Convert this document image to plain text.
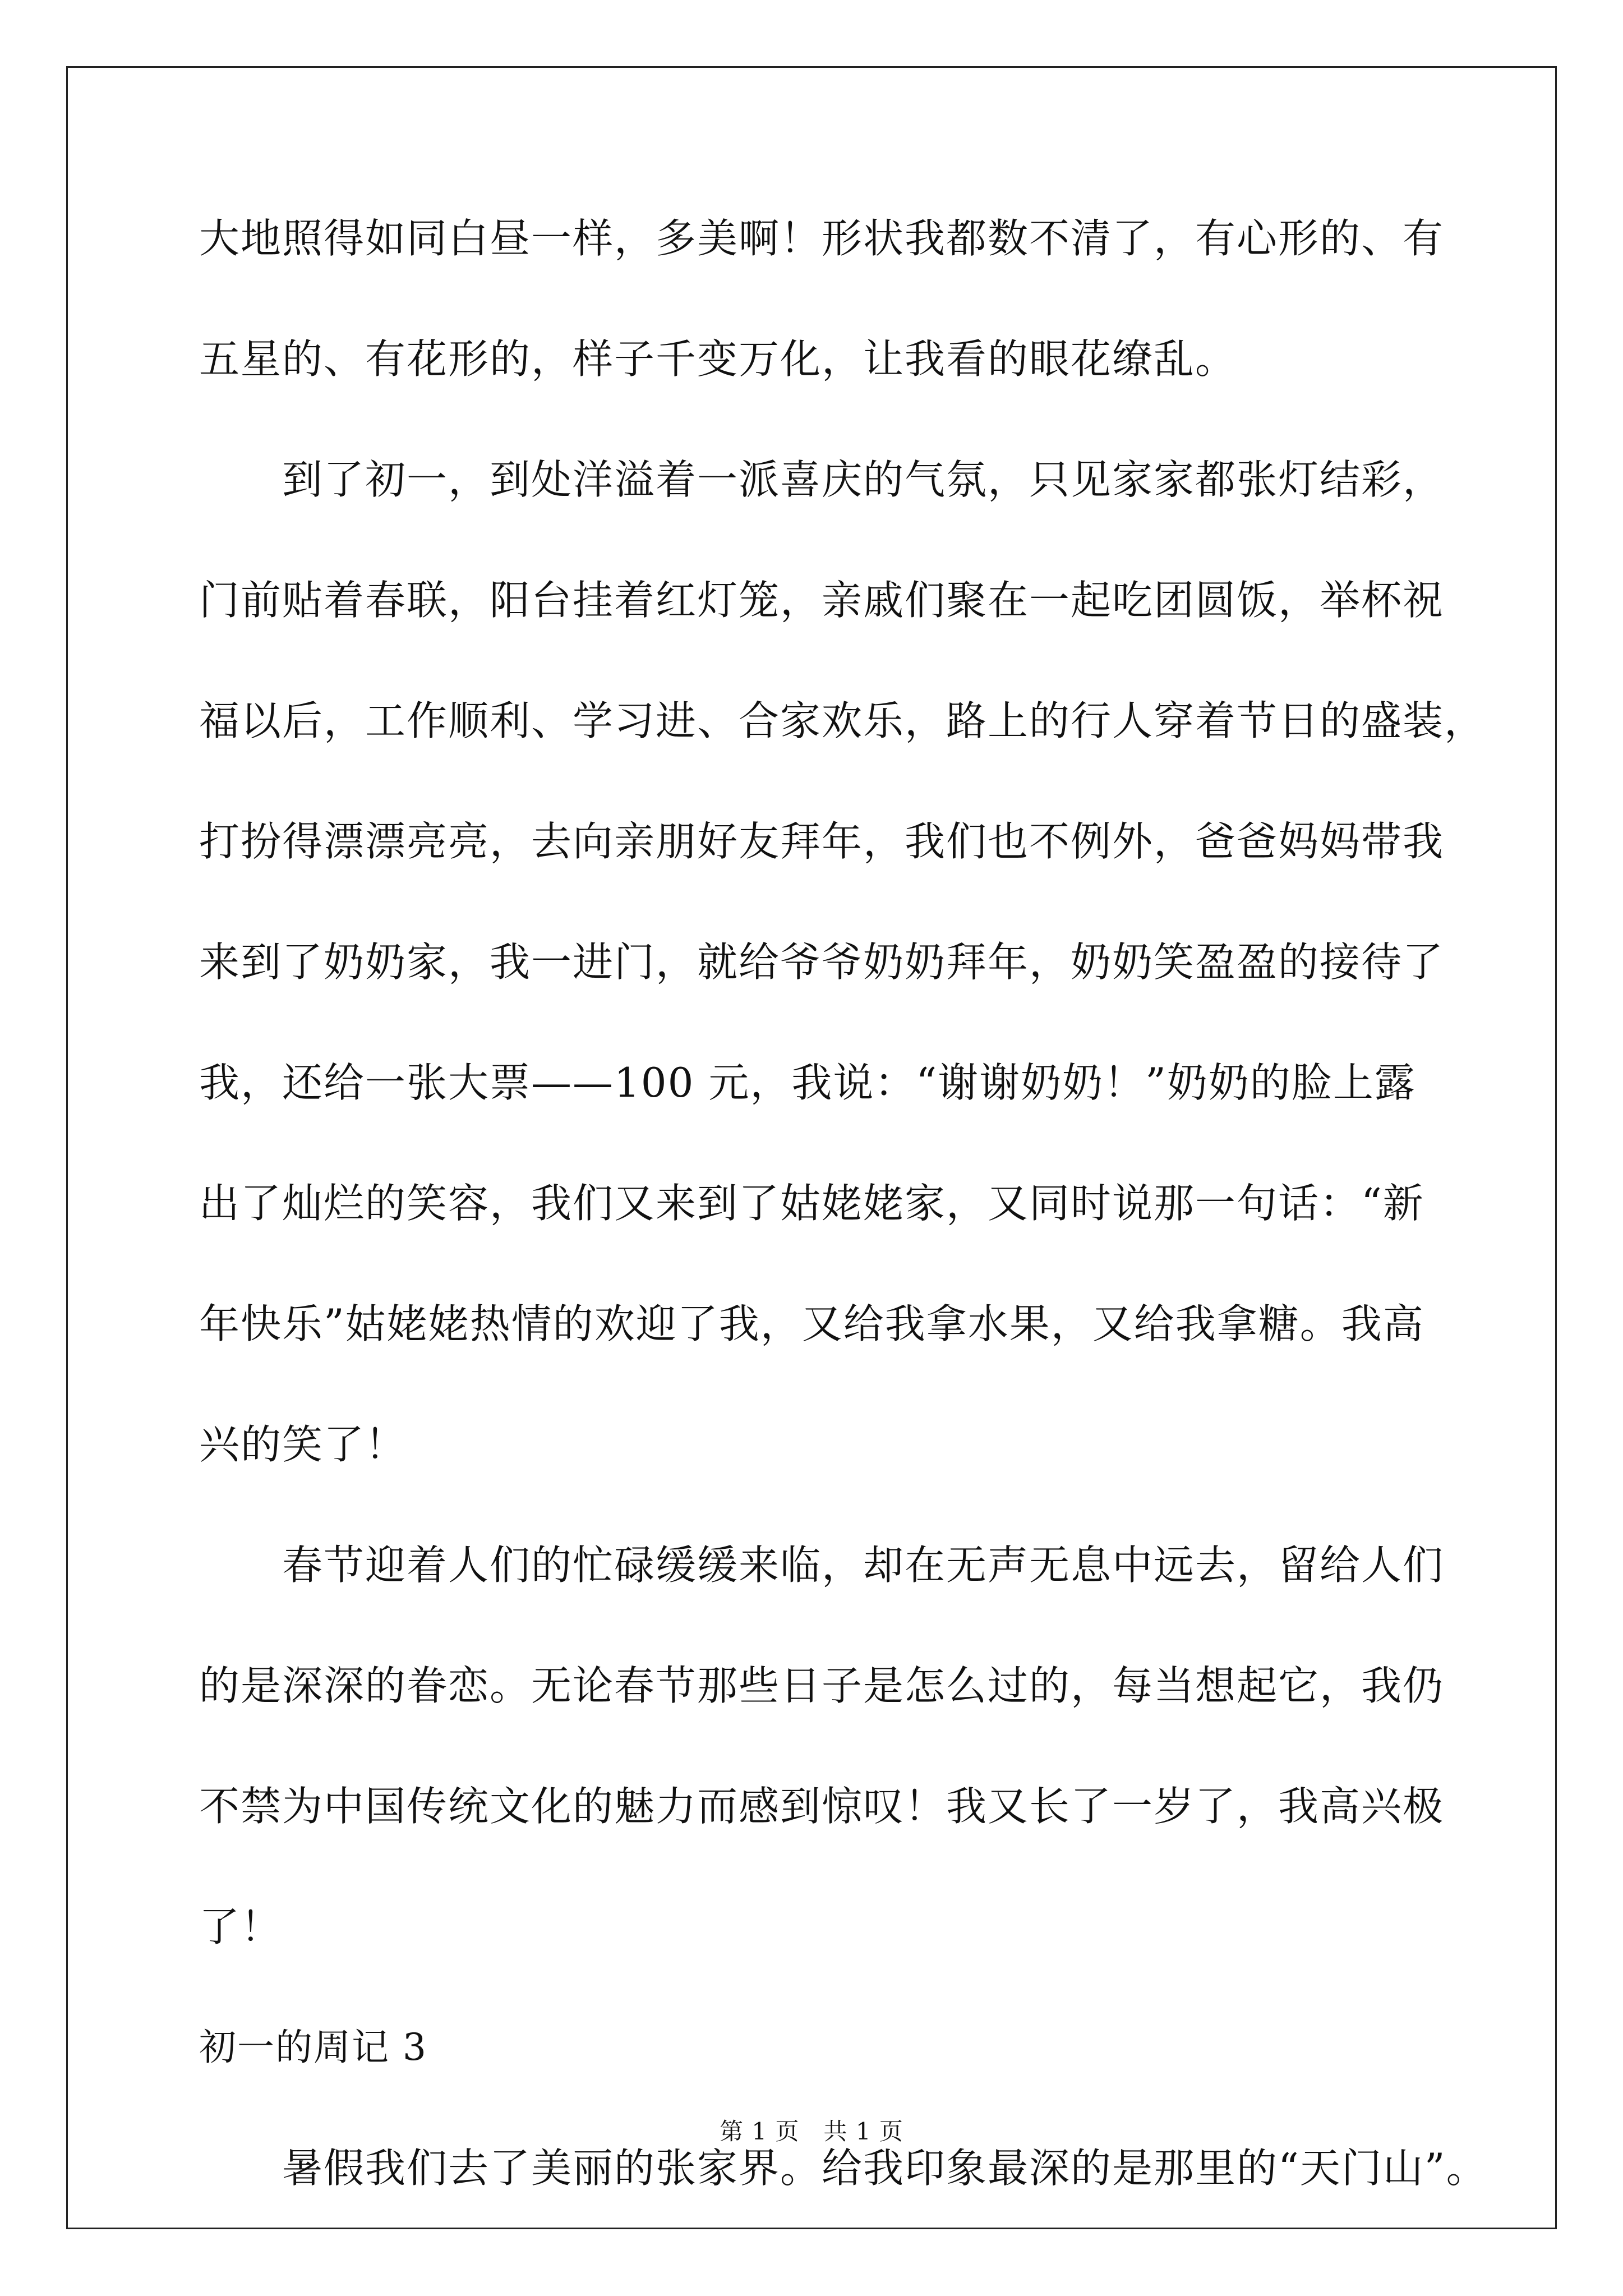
大地照得如同白昼一样，多美啊！形状我都数不清了，有心形的、有
五星的、有花形的，样子千变万化，让我看的眼花缭乱。
到了初一，到处洋溢着一派喜庆的气氛，只见家家都张灯结彩，
门前贴着春联，阳台挂着红灯笼，亲戚们聚在一起吃团圆饭，举杯祝
福以后，工作顺利、学习进、合家欢乐，路上的行人穿着节日的盛装，
打扮得漂漂亮亮，去向亲朋好友拜年，我们也不例外，爸爸妈妈带我
来到了奶奶家，我一进门，就给爷爷奶奶拜年，奶奶笑盈盈的接待了
我，还给一张大票——100 元，我说：“谢谢奶奶！”奶奶的脸上露
出了灿烂的笑容，我们又来到了姑姥姥家，又同时说那一句话：“新
年快乐”姑姥姥热情的欢迎了我，又给我拿水果，又给我拿糖。我高
兴的笑了！
春节迎着人们的忙碌缓缓来临，却在无声无息中远去，留给人们
的是深深的眷恋。无论春节那些日子是怎么过的，每当想起它，我仍
不禁为中国传统文化的魅力而感到惊叹！我又长了一岁了，我高兴极
了！
初一的周记 3
暑假我们去了美丽的张家界。给我印象最深的是那里的“天门山”。
第 1 页　共 1 页
